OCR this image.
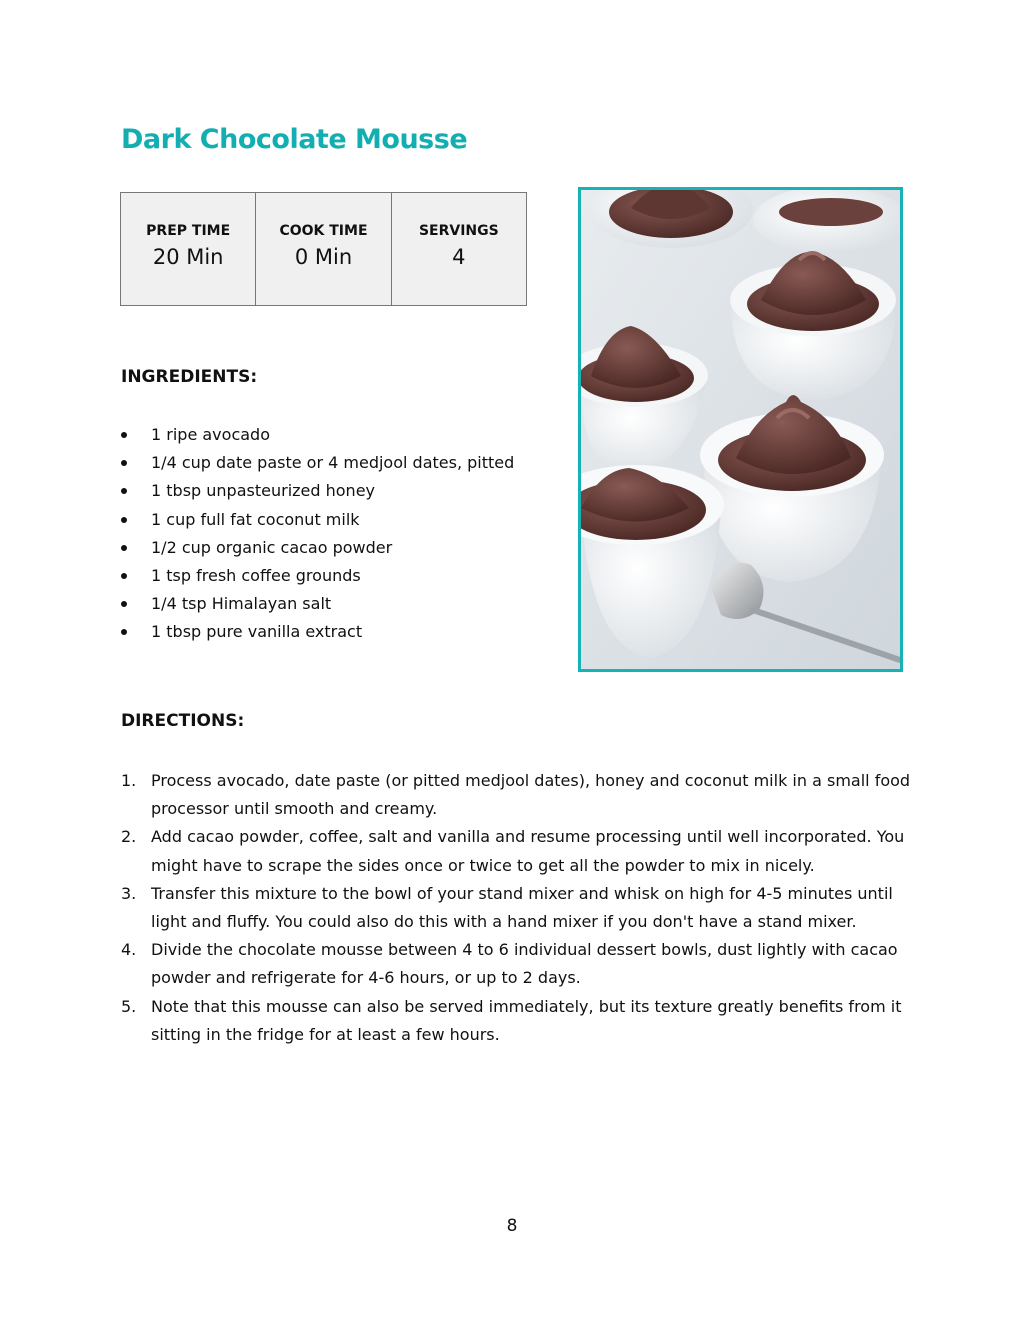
Dark Chocolate Mousse
PREP TIME
20 Min

COOK TIME
0 Min

SERVINGS
4
INGREDIENTS:
1 ripe avocado
1/4 cup date paste or 4 medjool dates, pitted
1 tbsp unpasteurized honey
1 cup full fat coconut milk
1/2 cup organic cacao powder
1 tsp fresh coffee grounds
1/4 tsp Himalayan salt
1 tbsp pure vanilla extract
DIRECTIONS:
1. Process avocado, date paste (or pitted medjool dates), honey and coconut milk in a small food processor until smooth and creamy.
2. Add cacao powder, coffee, salt and vanilla and resume processing until well incorporated. You might have to scrape the sides once or twice to get all the powder to mix in nicely.
3. Transfer this mixture to the bowl of your stand mixer and whisk on high for 4-5 minutes until light and fluffy. You could also do this with a hand mixer if you don't have a stand mixer.
4. Divide the chocolate mousse between 4 to 6 individual dessert bowls, dust lightly with cacao powder and refrigerate for 4-6 hours, or up to 2 days.
5. Note that this mousse can also be served immediately, but its texture greatly benefits from it sitting in the fridge for at least a few hours.
8
